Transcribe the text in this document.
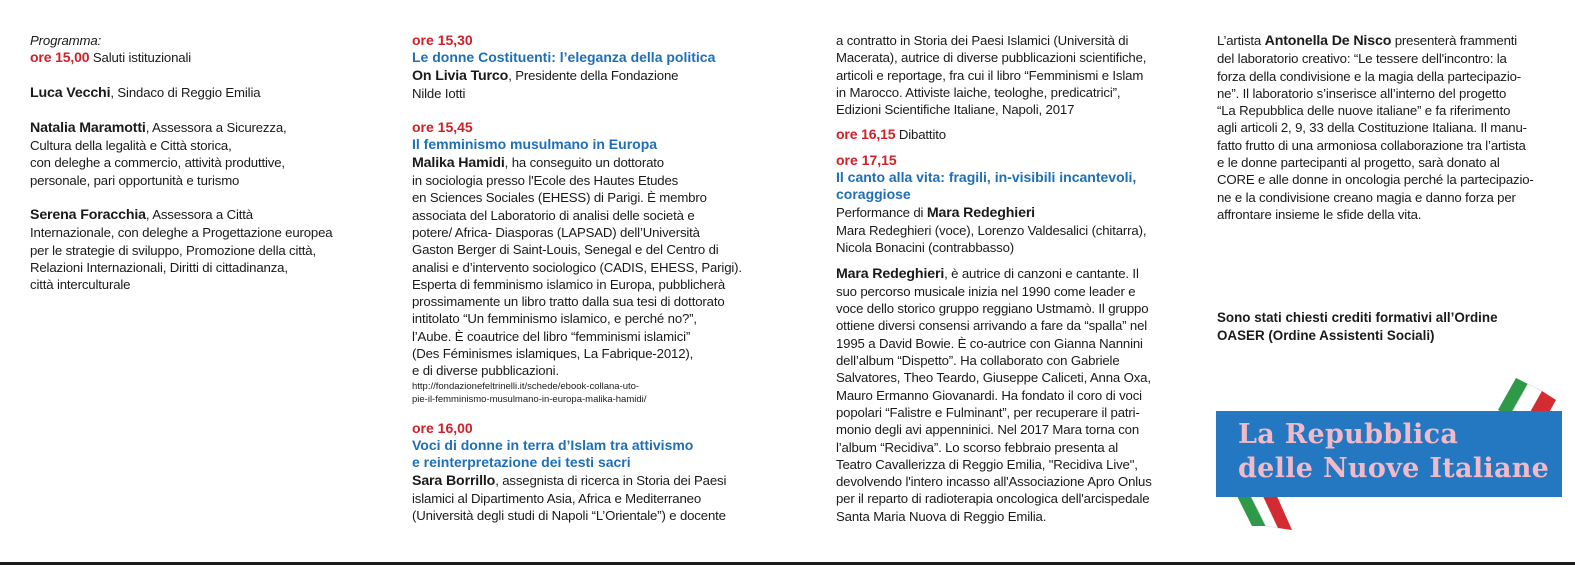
Programma:

ore 15,00 Saluti istituzionali

Luca Vecchi, Sindaco di Reggio Emilia

Natalia Maramotti, Assessora a Sicurezza,

Cultura della legalità e Città storica,

con deleghe a commercio, attività produttive,

personale, pari opportunità e turismo

Serena Foracchia, Assessora a Città

Internazionale, con deleghe a Progettazione europea

per le strategie di sviluppo, Promozione della città,

Relazioni Internazionali, Diritti di cittadinanza,

città interculturale

ore 15,30

Le donne Costituenti: l’eleganza della politica

On Livia Turco, Presidente della Fondazione

Nilde Iotti

ore 15,45

Il femminismo musulmano in Europa

Malika Hamidi, ha conseguito un dottorato

in sociologia presso l'Ecole des Hautes Etudes

en Sciences Sociales (EHESS) di Parigi. È membro

associata del Laboratorio di analisi delle società e

potere/ Africa- Diasporas (LAPSAD) dell’Università

Gaston Berger di Saint-Louis, Senegal e del Centro di

analisi e d’intervento sociologico (CADIS, EHESS, Parigi).

Esperta di femminismo islamico in Europa, pubblicherà

prossimamente un libro tratto dalla sua tesi di dottorato

intitolato “Un femminismo islamico, e perché no?”,

l’Aube. È coautrice del libro “femminismi islamici”

(Des Féminismes islamiques, La Fabrique-2012),

e di diverse pubblicazioni.

http://fondazionefeltrinelli.it/schede/ebook-collana-uto-

pie-il-femminismo-musulmano-in-europa-malika-hamidi/

ore 16,00

Voci di donne in terra d’Islam tra attivismo

e reinterpretazione dei testi sacri

Sara Borrillo, assegnista di ricerca in Storia dei Paesi

islamici al Dipartimento Asia, Africa e Mediterraneo

(Università degli studi di Napoli “L’Orientale”) e docente

a contratto in Storia dei Paesi Islamici (Università di

Macerata), autrice di diverse pubblicazioni scientifiche,

articoli e reportage, fra cui il libro “Femminismi e Islam

in Marocco. Attiviste laiche, teologhe, predicatrici”,

Edizioni Scientifiche Italiane, Napoli, 2017

ore 16,15 Dibattito

ore 17,15

Il canto alla vita: fragili, in-visibili incantevoli,

coraggiose

Performance di Mara Redeghieri

Mara Redeghieri (voce), Lorenzo Valdesalici (chitarra),

Nicola Bonacini (contrabbasso)

Mara Redeghieri, è autrice di canzoni e cantante. Il

suo percorso musicale inizia nel 1990 come leader e

voce dello storico gruppo reggiano Ustmamò. Il gruppo

ottiene diversi consensi arrivando a fare da “spalla” nel

1995 a David Bowie. È co-autrice con Gianna Nannini

dell’album “Dispetto”. Ha collaborato con Gabriele

Salvatores, Theo Teardo, Giuseppe Caliceti, Anna Oxa,

Mauro Ermanno Giovanardi. Ha fondato il coro di voci

popolari “Falistre e Fulminant”, per recuperare il patri-

monio degli avi appenninici. Nel 2017 Mara torna con

l’album “Recidiva”. Lo scorso febbraio presenta al

Teatro Cavallerizza di Reggio Emilia, "Recidiva Live",

devolvendo l'intero incasso all'Associazione Apro Onlus

per il reparto di radioterapia oncologica dell'arcispedale

Santa Maria Nuova di Reggio Emilia.

L’artista Antonella De Nisco presenterà frammenti

del laboratorio creativo: “Le tessere dell'incontro: la

forza della condivisione e la magia della partecipazio-

ne”. Il laboratorio s’inserisce all’interno del progetto

“La Repubblica delle nuove italiane” e fa riferimento

agli articoli 2, 9, 33 della Costituzione Italiana. Il manu-

fatto frutto di una armoniosa collaborazione tra l’artista

e le donne partecipanti al progetto, sarà donato al

CORE e alle donne in oncologia perché la partecipazio-

ne e la condivisione creano magia e danno forza per

affrontare insieme le sfide della vita.

Sono stati chiesti crediti formativi all’Ordine

OASER (Ordine Assistenti Sociali)

La Repubblica
delle Nuove Italiane
